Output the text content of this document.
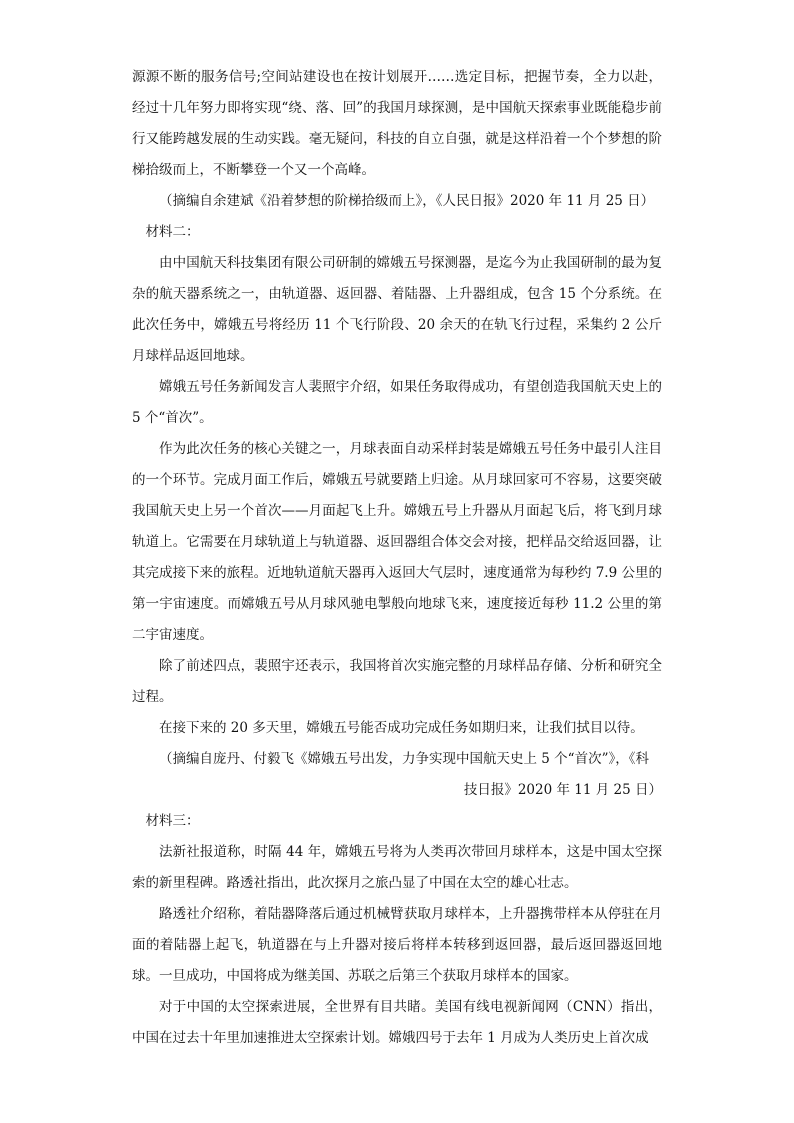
源源不断的服务信号;空间站建设也在按计划展开……选定目标，把握节奏，全力以赴，经过十几年努力即将实现“绕、落、回”的我国月球探测，是中国航天探索事业既能稳步前行又能跨越发展的生动实践。毫无疑问，科技的自立自强，就是这样沿着一个个梦想的阶梯拾级而上，不断攀登一个又一个高峰。

（摘编自余建斌《沿着梦想的阶梯拾级而上》，《人民日报》2020 年 11 月 25 日）

材料二：

由中国航天科技集团有限公司研制的嫦娥五号探测器，是迄今为止我国研制的最为复杂的航天器系统之一，由轨道器、返回器、着陆器、上升器组成，包含 15 个分系统。在此次任务中，嫦娥五号将经历 11 个飞行阶段、20 余天的在轨飞行过程，采集约 2 公斤月球样品返回地球。

嫦娥五号任务新闻发言人裴照宇介绍，如果任务取得成功，有望创造我国航天史上的 5 个“首次”。

作为此次任务的核心关键之一，月球表面自动采样封装是嫦娥五号任务中最引人注目的一个环节。完成月面工作后，嫦娥五号就要踏上归途。从月球回家可不容易，这要突破我国航天史上另一个首次——月面起飞上升。嫦娥五号上升器从月面起飞后，将飞到月球轨道上。它需要在月球轨道上与轨道器、返回器组合体交会对接，把样品交给返回器，让其完成接下来的旅程。近地轨道航天器再入返回大气层时，速度通常为每秒约 7.9 公里的第一宇宙速度。而嫦娥五号从月球风驰电掣般向地球飞来，速度接近每秒 11.2 公里的第二宇宙速度。

除了前述四点，裴照宇还表示，我国将首次实施完整的月球样品存储、分析和研究全过程。

在接下来的 20 多天里，嫦娥五号能否成功完成任务如期归来，让我们拭目以待。

（摘编自庞丹、付毅飞《嫦娥五号出发，力争实现中国航天史上 5 个“首次”》，《科

技日报》2020 年 11 月 25 日）

材料三：

法新社报道称，时隔 44 年，嫦娥五号将为人类再次带回月球样本，这是中国太空探索的新里程碑。路透社指出，此次探月之旅凸显了中国在太空的雄心壮志。

路透社介绍称，着陆器降落后通过机械臂获取月球样本，上升器携带样本从停驻在月面的着陆器上起飞，轨道器在与上升器对接后将样本转移到返回器，最后返回器返回地球。一旦成功，中国将成为继美国、苏联之后第三个获取月球样本的国家。

对于中国的太空探索进展，全世界有目共睹。美国有线电视新闻网（CNN）指出，中国在过去十年里加速推进太空探索计划。嫦娥四号于去年 1 月成为人类历史上首次成
